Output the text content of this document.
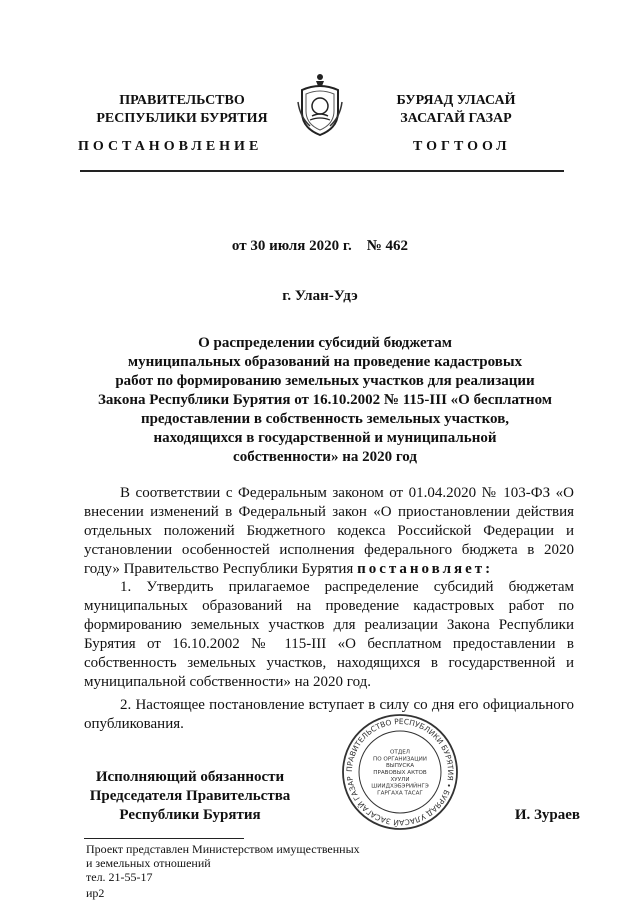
ПРАВИТЕЛЬСТВО
РЕСПУБЛИКИ БУРЯТИЯ
БУРЯАД УЛАСАЙ
ЗАСАГАЙ ГАЗАР
ПОСТАНОВЛЕНИЕ	ТОГТООЛ
от 30 июля 2020 г.    № 462
г. Улан-Удэ
О распределении субсидий бюджетам
муниципальных образований на проведение кадастровых
работ по формированию земельных участков для реализации
Закона Республики Бурятия от 16.10.2002 № 115-III «О бесплатном
предоставлении в собственность земельных участков,
находящихся в государственной и муниципальной
собственности» на 2020 год
В соответствии с Федеральным законом от 01.04.2020 № 103-ФЗ «О внесении изменений в Федеральный закон «О приостановлении действия отдельных положений Бюджетного кодекса Российской Федерации и установлении особенностей исполнения федерального бюджета в 2020 году» Правительство Республики Бурятия постановляет:
1. Утвердить прилагаемое распределение субсидий бюджетам муниципальных образований на проведение кадастровых работ по формированию земельных участков для реализации Закона Республики Бурятия от 16.10.2002 № 115-III «О бесплатном предоставлении в собственность земельных участков, находящихся в государственной и муниципальной собственности» на 2020 год.
2. Настоящее постановление вступает в силу со дня его официального опубликования.
Исполняющий обязанности
Председателя Правительства
Республики Бурятия
ПРАВИТЕЛЬСТВО РЕСПУБЛИКИ БУРЯТИЯ • БУРЯАД УЛАСАЙ ЗАСАГАЙ ГАЗАР
ОТДЕЛ
ПО ОРГАНИЗАЦИИ
ВЫПУСКА
ПРАВОВЫХ АКТОВ
ХУУЛИ
ШИИДХЭБЭРИЙНГЭ
ГАРГАХА ТАСАГ
И. Зураев
Проект представлен Министерством имущественных
и земельных отношений
тел. 21-55-17
ир2
